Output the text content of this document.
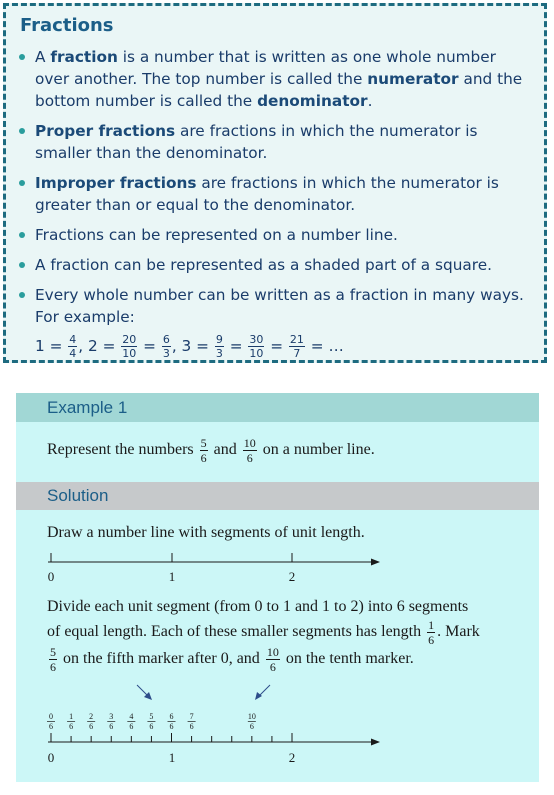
Fractions
A fraction is a number that is written as one whole number over another. The top number is called the numerator and the bottom number is called the denominator.
Proper fractions are fractions in which the numerator is smaller than the denominator.
Improper fractions are fractions in which the numerator is greater than or equal to the denominator.
Fractions can be represented on a number line.
A fraction can be represented as a shaded part of a square.
Every whole number can be written as a fraction in many ways.
For example:
$1 = \frac{4}{4}$ , $2 = \frac{20}{10} = \frac{6}{3}$ , $3 = \frac{9}{3} = \frac{30}{10} = \frac{21}{7}$ = …
Example 1
Represent the numbers $\frac{5}{6}$ and $\frac{10}{6}$ on a number line.
Solution
Draw a number line with segments of unit length.
0	1	2
Divide each unit segment (from 0 to 1 and 1 to 2) into 6 segments
of equal length. Each of these smaller segments has length $\frac{1}{6}$ . Mark
$\frac{5}{6}$ on the fifth marker after 0, and $\frac{10}{6}$ on the tenth marker.
0
6
1
6
2
6
3
6
4
6
5
6
6
6
7
6
10
6
0	1	2
